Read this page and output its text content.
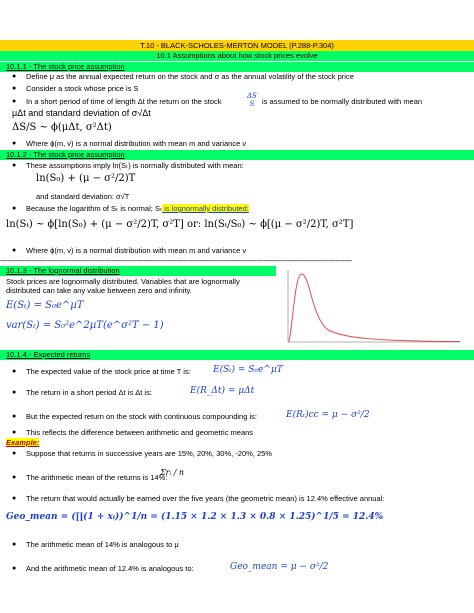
T.10 - BLACK-SCHOLES-MERTON MODEL (P.288-P.304)
10.1 Assumptions about how stock prices evolve
10.1.1 - The stock price assumption
● Define μ as the annual expected return on the stock and σ as the annual volatility of the stock price
● Consider a stock whose price is S
● In a short period of time of length Δt the return on the stock
ΔS
S	is assumed to be normally distributed with mean
μΔt and standard deviation of σ√Δt
ΔS/S ~ ϕ(μΔt, σ²Δt)
● Where ϕ(m, v) is a normal distribution with mean m and variance v
10.1.2 - The stock price assumption
● These assumptions imply ln(Sₜ) is normally distributed with mean:
ln(S₀) + (μ − σ²/2)T
and standard deviation: σ√T
● Because the logarithm of Sₜ is normal; Sₜ is lognormally distributed:
ln(Sₜ) ~ ϕ[ln(S₀) + (μ − σ²/2)T, σ²T] or: ln(Sₜ/S₀) ~ ϕ[(μ − σ²/2)T, σ²T]
● Where ϕ(m, v) is a normal distribution with mean m and variance v
------------------------------------------------------------------------------------------------------------------------------------------------------------------------------------------------
10.1.3 - The lognormal distribution
Stock prices are lognormally distributed. Variables that are lognormally
distributed can take any value between zero and infinity.
E(Sₜ) = S₀e^μT
var(Sₜ) = S₀²e^2μT(e^σ²T − 1)
10.1.4 - Expected returns
● The expected value of the stock price at time T is: E(Sₜ) = S₀e^μT
● The return in a short period Δt is Δt is:	E(R_Δt) = μΔt
● But the expected return on the stock with continuous compounding is:	E(Rₜ)cc = μ − σ²/2
● This reflects the difference between arithmetic and geometric means
Example:
● Suppose that returns in successive years are 15%, 20%, 30%, -20%, 25%
● The arithmetic mean of the returns is 14%:
Σrᵢ / n
● The return that would actually be earned over the five years (the geometric mean) is 12.4% effective annual:
Geo_mean = (∏(1 + xᵢ))^1/n = (1.15 × 1.2 × 1.3 × 0.8 × 1.25)^1/5 = 12.4%
● The arithmetic mean of 14% is analogous to μ
● And the arithmetic mean of 12.4% is analogous to:	Geo_mean = μ − σ²/2
